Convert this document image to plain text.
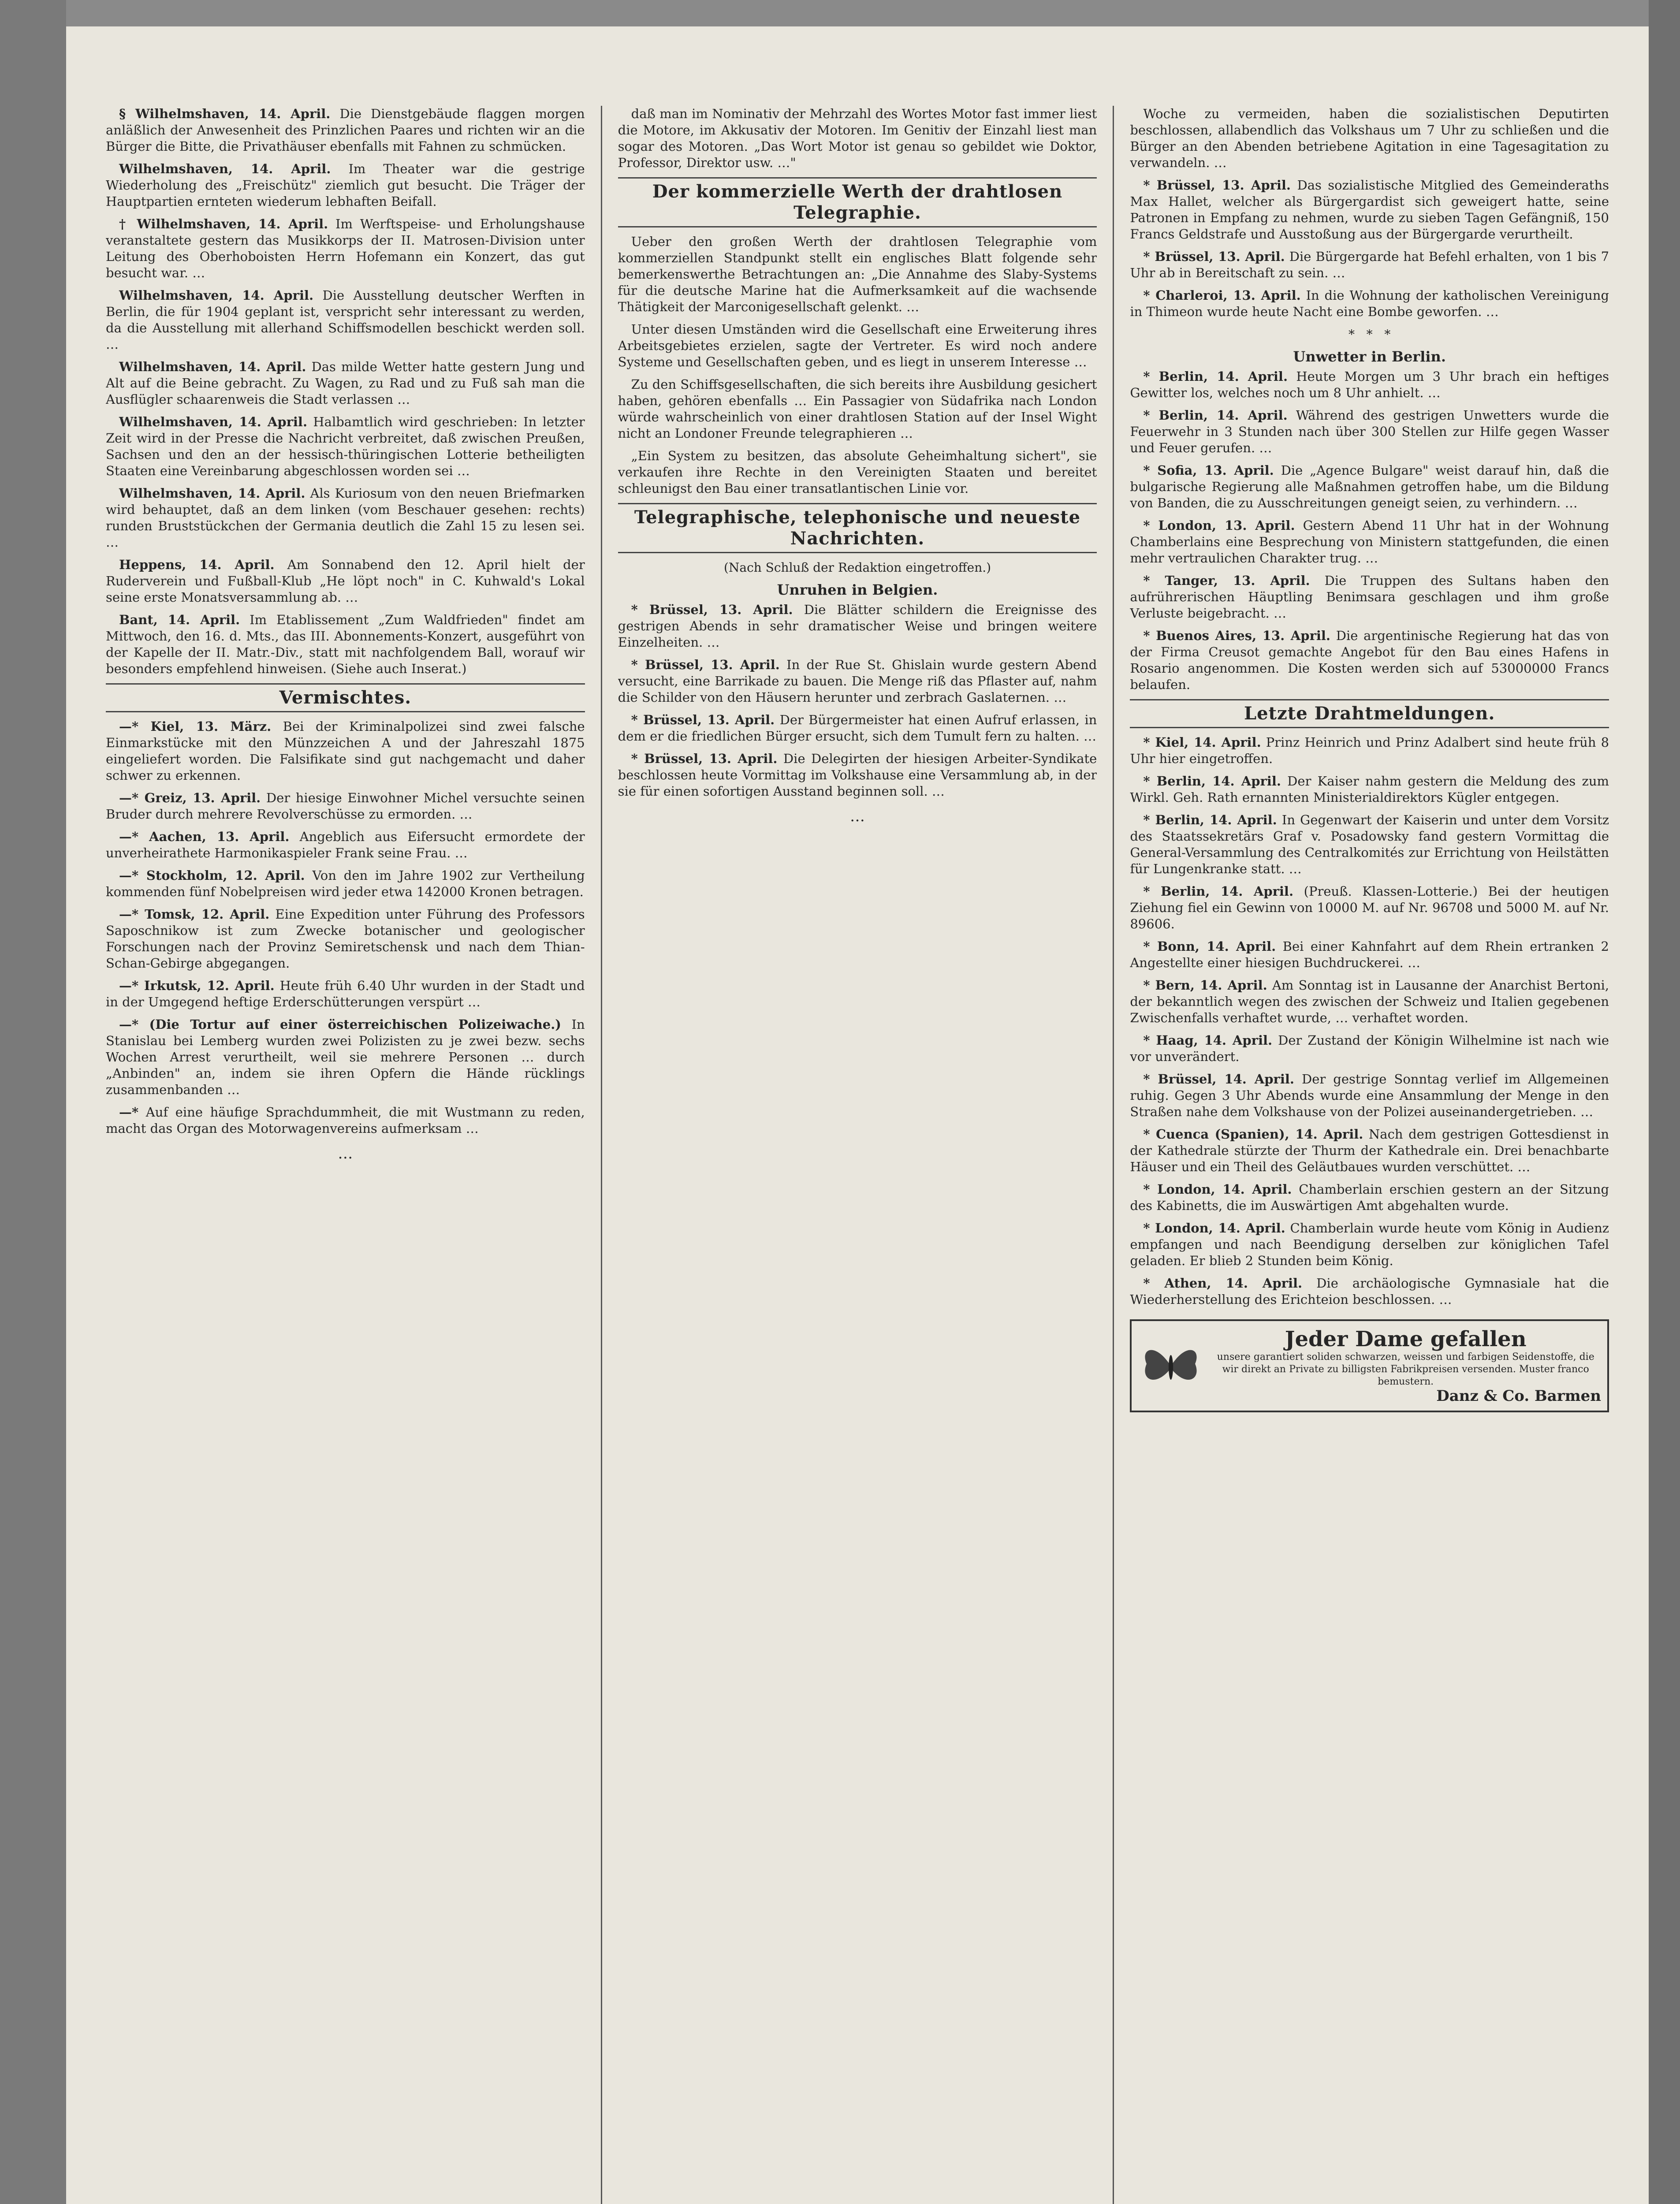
§ Wilhelmshaven, 14. April. Die Dienstgebäude flaggen morgen anläßlich der Anwesenheit des Prinzlichen Paares und richten wir an die Bürger die Bitte, die Privathäuser ebenfalls mit Fahnen zu schmücken.

Wilhelmshaven, 14. April. Im Theater war die gestrige Wiederholung des „Freischütz" ziemlich gut besucht. Die Träger der Hauptpartien ernteten wiederum lebhaften Beifall.

† Wilhelmshaven, 14. April. Im Werftspeise- und Erholungshause veranstaltete gestern das Musikkorps der II. Matrosen-Division unter Leitung des Oberhoboisten Herrn Hofemann ein Konzert, das gut besucht war. …

Wilhelmshaven, 14. April. Die Ausstellung deutscher Werften in Berlin, die für 1904 geplant ist, verspricht sehr interessant zu werden, da die Ausstellung mit allerhand Schiffsmodellen beschickt werden soll. …

Wilhelmshaven, 14. April. Das milde Wetter hatte gestern Jung und Alt auf die Beine gebracht. Zu Wagen, zu Rad und zu Fuß sah man die Ausflügler schaarenweis die Stadt verlassen …

Wilhelmshaven, 14. April. Halbamtlich wird geschrieben: In letzter Zeit wird in der Presse die Nachricht verbreitet, daß zwischen Preußen, Sachsen und den an der hessisch-thüringischen Lotterie betheiligten Staaten eine Vereinbarung abgeschlossen worden sei …

Wilhelmshaven, 14. April. Als Kuriosum von den neuen Briefmarken wird behauptet, daß an dem linken (vom Beschauer gesehen: rechts) runden Bruststückchen der Germania deutlich die Zahl 15 zu lesen sei. …

Heppens, 14. April. Am Sonnabend den 12. April hielt der Ruderverein und Fußball-Klub „He löpt noch" in C. Kuhwald's Lokal seine erste Monatsversammlung ab. …

Bant, 14. April. Im Etablissement „Zum Waldfrieden" findet am Mittwoch, den 16. d. Mts., das III. Abonnements-Konzert, ausgeführt von der Kapelle der II. Matr.-Div., statt mit nachfolgendem Ball, worauf wir besonders empfehlend hinweisen. (Siehe auch Inserat.)

Vermischtes.

—* Kiel, 13. März. Bei der Kriminalpolizei sind zwei falsche Einmarkstücke mit den Münzzeichen A und der Jahreszahl 1875 eingeliefert worden. Die Falsifikate sind gut nachgemacht und daher schwer zu erkennen.

—* Greiz, 13. April. Der hiesige Einwohner Michel versuchte seinen Bruder durch mehrere Revolverschüsse zu ermorden. …

—* Aachen, 13. April. Angeblich aus Eifersucht ermordete der unverheirathete Harmonikaspieler Frank seine Frau. …

—* Stockholm, 12. April. Von den im Jahre 1902 zur Vertheilung kommenden fünf Nobelpreisen wird jeder etwa 142000 Kronen betragen.

—* Tomsk, 12. April. Eine Expedition unter Führung des Professors Saposchnikow ist zum Zwecke botanischer und geologischer Forschungen nach der Provinz Semiretschensk und nach dem Thian-Schan-Gebirge abgegangen.

—* Irkutsk, 12. April. Heute früh 6.40 Uhr wurden in der Stadt und in der Umgegend heftige Erderschütterungen verspürt …

—* (Die Tortur auf einer österreichischen Polizeiwache.) In Stanislau bei Lemberg wurden zwei Polizisten zu je zwei bezw. sechs Wochen Arrest verurtheilt, weil sie mehrere Personen … durch „Anbinden" an, indem sie ihren Opfern die Hände rücklings zusammenbanden …

—* Auf eine häufige Sprachdummheit, die mit Wustmann zu reden, macht das Organ des Motorwagenvereins aufmerksam …

…

daß man im Nominativ der Mehrzahl des Wortes Motor fast immer liest die Motore, im Akkusativ der Motoren. Im Genitiv der Einzahl liest man sogar des Motoren. „Das Wort Motor ist genau so gebildet wie Doktor, Professor, Direktor usw. …"

Der kommerzielle Werth der drahtlosen Telegraphie.

Ueber den großen Werth der drahtlosen Telegraphie vom kommerziellen Standpunkt stellt ein englisches Blatt folgende sehr bemerkenswerthe Betrachtungen an: „Die Annahme des Slaby-Systems für die deutsche Marine hat die Aufmerksamkeit auf die wachsende Thätigkeit der Marconigesellschaft gelenkt. …

Unter diesen Umständen wird die Gesellschaft eine Erweiterung ihres Arbeitsgebietes erzielen, sagte der Vertreter. Es wird noch andere Systeme und Gesellschaften geben, und es liegt in unserem Interesse …

Zu den Schiffsgesellschaften, die sich bereits ihre Ausbildung gesichert haben, gehören ebenfalls … Ein Passagier von Südafrika nach London würde wahrscheinlich von einer drahtlosen Station auf der Insel Wight nicht an Londoner Freunde telegraphieren …

„Ein System zu besitzen, das absolute Geheimhaltung sichert", sie verkaufen ihre Rechte in den Vereinigten Staaten und bereitet schleunigst den Bau einer transatlantischen Linie vor.

Telegraphische, telephonische und neueste Nachrichten.
(Nach Schluß der Redaktion eingetroffen.)
Unruhen in Belgien.

* Brüssel, 13. April. Die Blätter schildern die Ereignisse des gestrigen Abends in sehr dramatischer Weise und bringen weitere Einzelheiten. …

* Brüssel, 13. April. In der Rue St. Ghislain wurde gestern Abend versucht, eine Barrikade zu bauen. Die Menge riß das Pflaster auf, nahm die Schilder von den Häusern herunter und zerbrach Gaslaternen. …

* Brüssel, 13. April. Der Bürgermeister hat einen Aufruf erlassen, in dem er die friedlichen Bürger ersucht, sich dem Tumult fern zu halten. …

* Brüssel, 13. April. Die Delegirten der hiesigen Arbeiter-Syndikate beschlossen heute Vormittag im Volkshause eine Versammlung ab, in der sie für einen sofortigen Ausstand beginnen soll. …

…

Woche zu vermeiden, haben die sozialistischen Deputirten beschlossen, allabendlich das Volkshaus um 7 Uhr zu schließen und die Bürger an den Abenden betriebene Agitation in eine Tagesagitation zu verwandeln. …

* Brüssel, 13. April. Das sozialistische Mitglied des Gemeinderaths Max Hallet, welcher als Bürgergardist sich geweigert hatte, seine Patronen in Empfang zu nehmen, wurde zu sieben Tagen Gefängniß, 150 Francs Geldstrafe und Ausstoßung aus der Bürgergarde verurtheilt.

* Brüssel, 13. April. Die Bürgergarde hat Befehl erhalten, von 1 bis 7 Uhr ab in Bereitschaft zu sein. …

* Charleroi, 13. April. In die Wohnung der katholischen Vereinigung in Thimeon wurde heute Nacht eine Bombe geworfen. …

*   *   *
Unwetter in Berlin.

* Berlin, 14. April. Heute Morgen um 3 Uhr brach ein heftiges Gewitter los, welches noch um 8 Uhr anhielt. …

* Berlin, 14. April. Während des gestrigen Unwetters wurde die Feuerwehr in 3 Stunden nach über 300 Stellen zur Hilfe gegen Wasser und Feuer gerufen. …

* Sofia, 13. April. Die „Agence Bulgare" weist darauf hin, daß die bulgarische Regierung alle Maßnahmen getroffen habe, um die Bildung von Banden, die zu Ausschreitungen geneigt seien, zu verhindern. …

* London, 13. April. Gestern Abend 11 Uhr hat in der Wohnung Chamberlains eine Besprechung von Ministern stattgefunden, die einen mehr vertraulichen Charakter trug. …

* Tanger, 13. April. Die Truppen des Sultans haben den aufrührerischen Häuptling Benimsara geschlagen und ihm große Verluste beigebracht. …

* Buenos Aires, 13. April. Die argentinische Regierung hat das von der Firma Creusot gemachte Angebot für den Bau eines Hafens in Rosario angenommen. Die Kosten werden sich auf 53000000 Francs belaufen.

Letzte Drahtmeldungen.

* Kiel, 14. April. Prinz Heinrich und Prinz Adalbert sind heute früh 8 Uhr hier eingetroffen.

* Berlin, 14. April. Der Kaiser nahm gestern die Meldung des zum Wirkl. Geh. Rath ernannten Ministerialdirektors Kügler entgegen.

* Berlin, 14. April. In Gegenwart der Kaiserin und unter dem Vorsitz des Staatssekretärs Graf v. Posadowsky fand gestern Vormittag die General-Versammlung des Centralkomités zur Errichtung von Heilstätten für Lungenkranke statt. …

* Berlin, 14. April. (Preuß. Klassen-Lotterie.) Bei der heutigen Ziehung fiel ein Gewinn von 10000 M. auf Nr. 96708 und 5000 M. auf Nr. 89606.

* Bonn, 14. April. Bei einer Kahnfahrt auf dem Rhein ertranken 2 Angestellte einer hiesigen Buchdruckerei. …

* Bern, 14. April. Am Sonntag ist in Lausanne der Anarchist Bertoni, der bekanntlich wegen des zwischen der Schweiz und Italien gegebenen Zwischenfalls verhaftet wurde, … verhaftet worden.

* Haag, 14. April. Der Zustand der Königin Wilhelmine ist nach wie vor unverändert.

* Brüssel, 14. April. Der gestrige Sonntag verlief im Allgemeinen ruhig. Gegen 3 Uhr Abends wurde eine Ansammlung der Menge in den Straßen nahe dem Volkshause von der Polizei auseinandergetrieben. …

* Cuenca (Spanien), 14. April. Nach dem gestrigen Gottesdienst in der Kathedrale stürzte der Thurm der Kathedrale ein. Drei benachbarte Häuser und ein Theil des Geläutbaues wurden verschüttet. …

* London, 14. April. Chamberlain erschien gestern an der Sitzung des Kabinetts, die im Auswärtigen Amt abgehalten wurde.

* London, 14. April. Chamberlain wurde heute vom König in Audienz empfangen und nach Beendigung derselben zur königlichen Tafel geladen. Er blieb 2 Stunden beim König.

* Athen, 14. April. Die archäologische Gymnasiale hat die Wiederherstellung des Erichteion beschlossen. …

Jeder Dame gefallen
unsere garantiert soliden schwarzen, weissen und farbigen Seidenstoffe, die wir direkt an Private zu billigsten Fabrikpreisen versenden. Muster franco bemustern.
Danz & Co. Barmen
